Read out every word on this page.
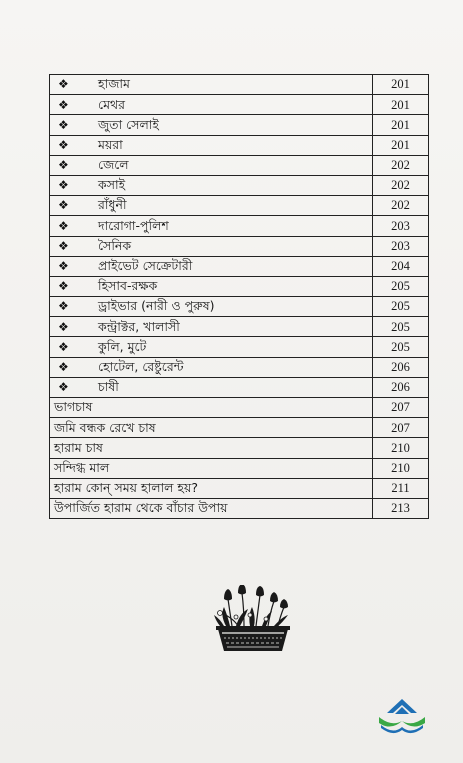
❖ হাজাম	201
❖ মেথর	201
❖ জুতা সেলাই	201
❖ ময়রা	201
❖ জেলে	202
❖ কসাই	202
❖ রাঁধুনী	202
❖ দারোগা-পুলিশ	203
❖ সৈনিক	203
❖ প্রাইভেট সেক্রেটারী	204
❖ হিসাব-রক্ষক	205
❖ ড্রাইভার (নারী ও পুরুষ)	205
❖ কন্ট্রাক্টর, খালাসী	205
❖ কুলি, মুটে	205
❖ হোটেল, রেষ্টুরেন্ট	206
❖ চাষী	206
ভাগচাষ	207
জমি বন্ধক রেখে চাষ	207
হারাম চাষ	210
সন্দিগ্ধ মাল	210
হারাম কোন্ সময় হালাল হয়?	211
উপার্জিত হারাম থেকে বাঁচার উপায়	213
